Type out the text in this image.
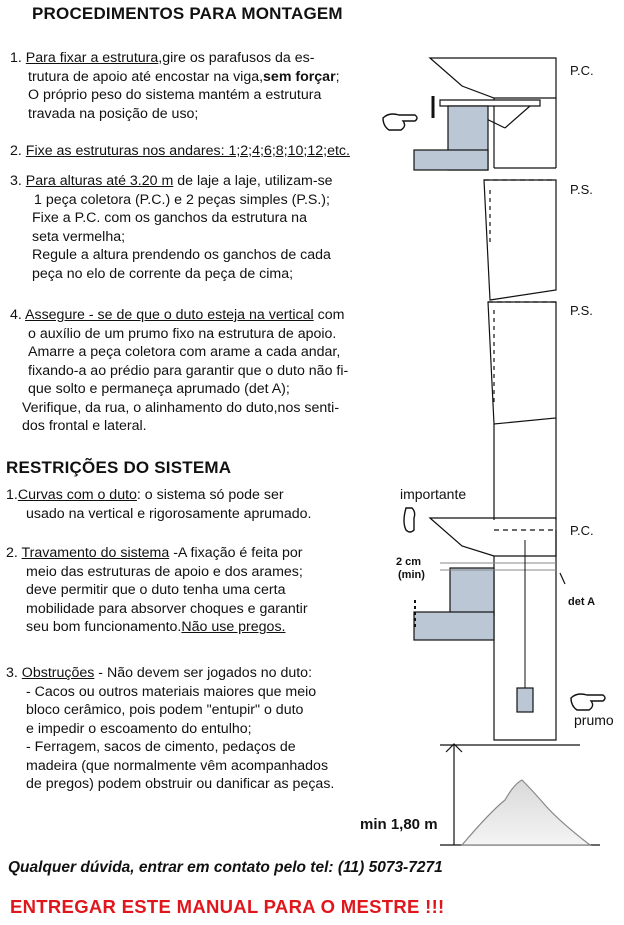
P.C.
P.S.
P.S.
P.C.
importante
2 cm
(min)
det A
prumo
min 1,80 m
PROCEDIMENTOS PARA MONTAGEM

1. Para fixar a estrutura,gire os parafusos da es-

trutura de apoio até encostar na viga,sem forçar;

O próprio peso do sistema mantém a estrutura

travada na posição de uso;

2. Fixe as estruturas nos andares: 1;2;4;6;8;10;12;etc.

3. Para alturas até 3.20 m de laje a laje, utilizam-se

1 peça coletora (P.C.) e 2 peças simples (P.S.);

Fixe a P.C. com os ganchos da estrutura na

seta vermelha;

Regule a altura prendendo os ganchos de cada

peça no elo de corrente da peça de cima;

4. Assegure - se de que o duto esteja na vertical com

o auxílio de um prumo fixo na estrutura de apoio.

Amarre a peça coletora com arame a cada andar,

fixando-a ao prédio para garantir que o duto não fi-

que solto e permaneça aprumado (det A);

Verifique, da rua, o alinhamento do duto,nos senti-

dos frontal e lateral.

RESTRIÇÕES DO SISTEMA

1.Curvas com o duto: o sistema só pode ser

usado na vertical e rigorosamente aprumado.

2. Travamento do sistema -A fixação é feita por

meio das estruturas de apoio e dos arames;

deve permitir que o duto tenha uma certa

mobilidade para absorver choques e garantir

seu bom funcionamento.Não use pregos.

3. Obstruções - Não devem ser jogados no duto:

- Cacos ou outros materiais maiores que meio

bloco cerâmico, pois podem "entupir" o duto

e impedir o escoamento do entulho;

- Ferragem, sacos de cimento, pedaços de

madeira (que normalmente vêm acompanhados

de pregos) podem obstruir ou danificar as peças.

Qualquer dúvida, entrar em contato pelo tel: (11) 5073-7271
ENTREGAR ESTE MANUAL PARA O MESTRE !!!
